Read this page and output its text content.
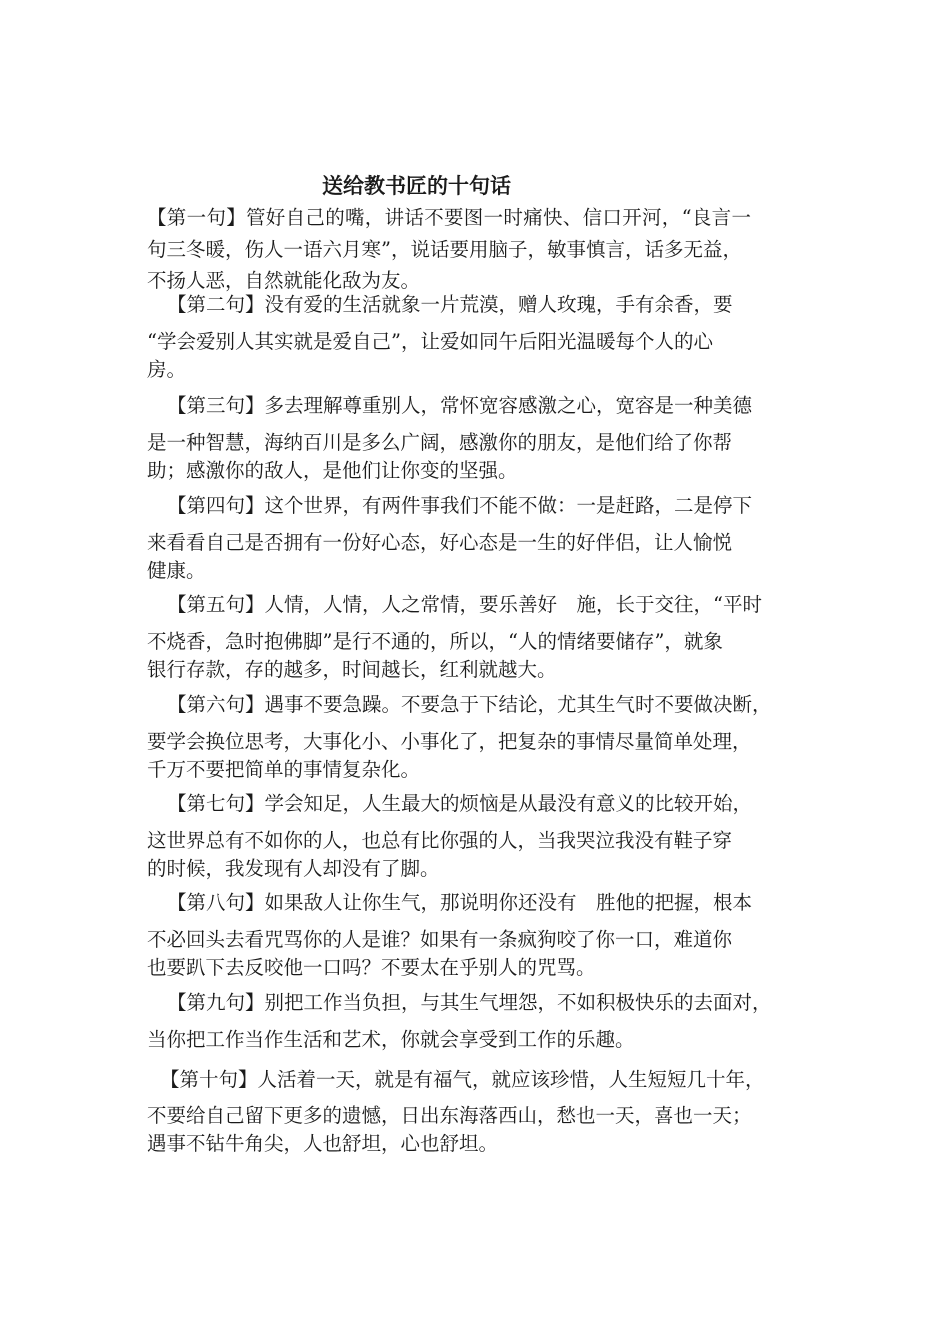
送给教书匠的十句话
【第一句】管好自己的嘴，讲话不要图一时痛快、信口开河，“良言一
句三冬暖，伤人一语六月寒”，说话要用脑子，敏事慎言，话多无益，
不扬人恶，自然就能化敌为友。
【第二句】没有爱的生活就象一片荒漠，赠人玫瑰，手有余香，要
“学会爱别人其实就是爱自己”，让爱如同午后阳光温暖每个人的心
房。
【第三句】多去理解尊重别人，常怀宽容感激之心，宽容是一种美德
是一种智慧，海纳百川是多么广阔，感激你的朋友，是他们给了你帮
助；感激你的敌人，是他们让你变的坚强。
【第四句】这个世界，有两件事我们不能不做：一是赶路，二是停下
来看看自己是否拥有一份好心态，好心态是一生的好伴侣，让人愉悦
健康。
【第五句】人情，人情，人之常情，要乐善好　施，长于交往，“平时
不烧香，急时抱佛脚”是行不通的，所以，“人的情绪要储存”，就象
银行存款，存的越多，时间越长，红利就越大。
【第六句】遇事不要急躁。不要急于下结论，尤其生气时不要做决断，
要学会换位思考，大事化小、小事化了，把复杂的事情尽量简单处理，
千万不要把简单的事情复杂化。
【第七句】学会知足，人生最大的烦恼是从最没有意义的比较开始，
这世界总有不如你的人，也总有比你强的人，当我哭泣我没有鞋子穿
的时候，我发现有人却没有了脚。
【第八句】如果敌人让你生气，那说明你还没有　胜他的把握，根本
不必回头去看咒骂你的人是谁？如果有一条疯狗咬了你一口，难道你
也要趴下去反咬他一口吗？不要太在乎别人的咒骂。
【第九句】别把工作当负担，与其生气埋怨，不如积极快乐的去面对，
当你把工作当作生活和艺术，你就会享受到工作的乐趣。
【第十句】人活着一天，就是有福气，就应该珍惜，人生短短几十年，
不要给自己留下更多的遗憾，日出东海落西山，愁也一天，喜也一天；
遇事不钻牛角尖，人也舒坦，心也舒坦。
